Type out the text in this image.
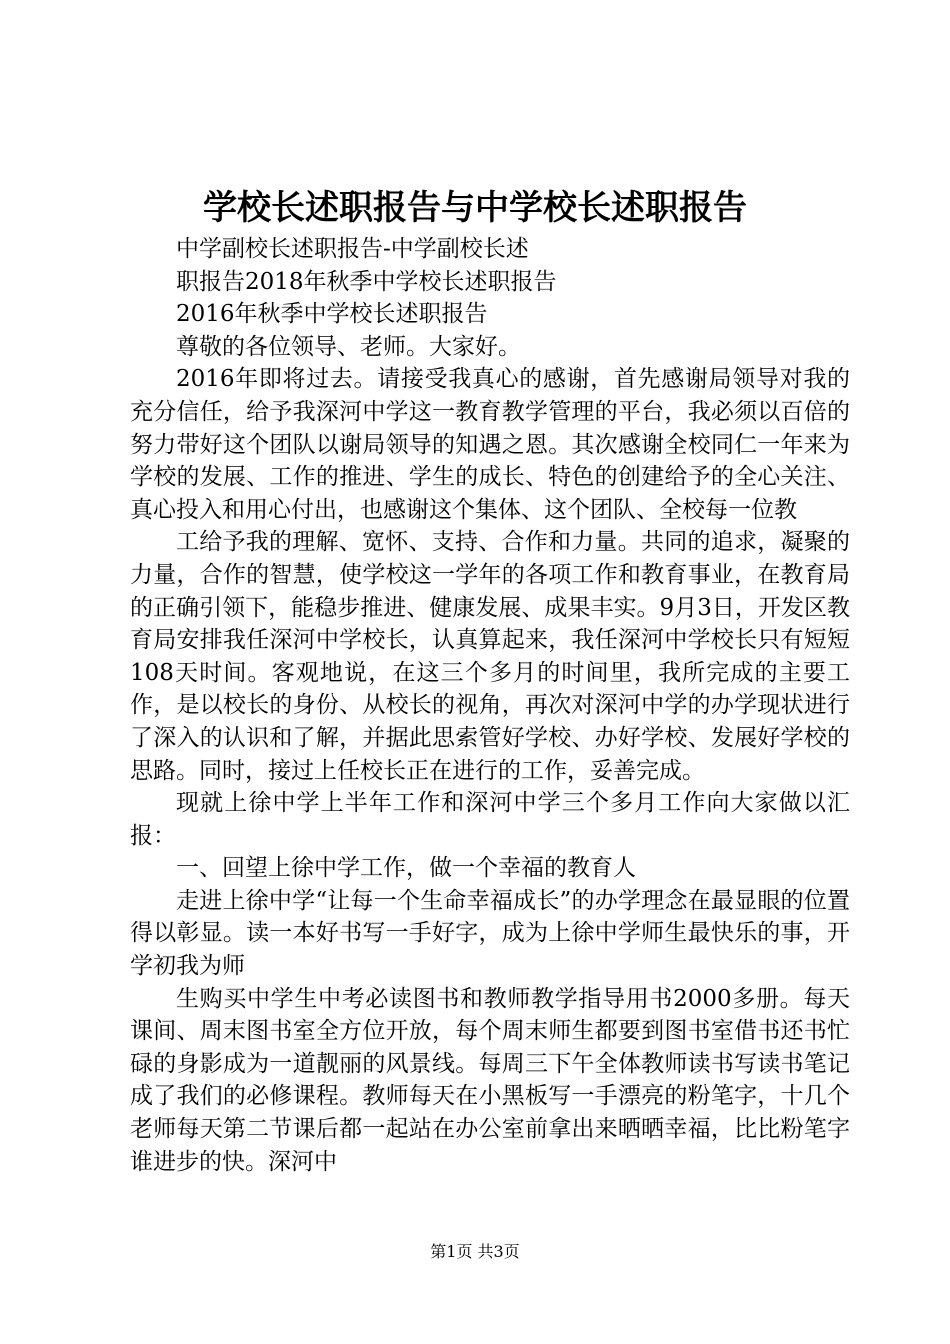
学校长述职报告与中学校长述职报告

中学副校长述职报告-中学副校长述

职报告2018年秋季中学校长述职报告

2016年秋季中学校长述职报告

尊敬的各位领导、老师。大家好。

2016年即将过去。请接受我真心的感谢，首先感谢局领导对我的充分信任，给予我深河中学这一教育教学管理的平台，我必须以百倍的努力带好这个团队以谢局领导的知遇之恩。其次感谢全校同仁一年来为学校的发展、工作的推进、学生的成长、特色的创建给予的全心关注、真心投入和用心付出，也感谢这个集体、这个团队、全校每一位教

工给予我的理解、宽怀、支持、合作和力量。共同的追求，凝聚的力量，合作的智慧，使学校这一学年的各项工作和教育事业，在教育局的正确引领下，能稳步推进、健康发展、成果丰实。9月3日，开发区教育局安排我任深河中学校长，认真算起来，我任深河中学校长只有短短108天时间。客观地说，在这三个多月的时间里，我所完成的主要工作，是以校长的身份、从校长的视角，再次对深河中学的办学现状进行了深入的认识和了解，并据此思索管好学校、办好学校、发展好学校的思路。同时，接过上任校长正在进行的工作，妥善完成。

现就上徐中学上半年工作和深河中学三个多月工作向大家做以汇报：

一、回望上徐中学工作，做一个幸福的教育人

走进上徐中学“让每一个生命幸福成长”的办学理念在最显眼的位置得以彰显。读一本好书写一手好字，成为上徐中学师生最快乐的事，开学初我为师

生购买中学生中考必读图书和教师教学指导用书2000多册。每天课间、周末图书室全方位开放，每个周末师生都要到图书室借书还书忙碌的身影成为一道靓丽的风景线。每周三下午全体教师读书写读书笔记成了我们的必修课程。教师每天在小黑板写一手漂亮的粉笔字，十几个老师每天第二节课后都一起站在办公室前拿出来晒晒幸福，比比粉笔字谁进步的快。深河中

第1页 共3页
